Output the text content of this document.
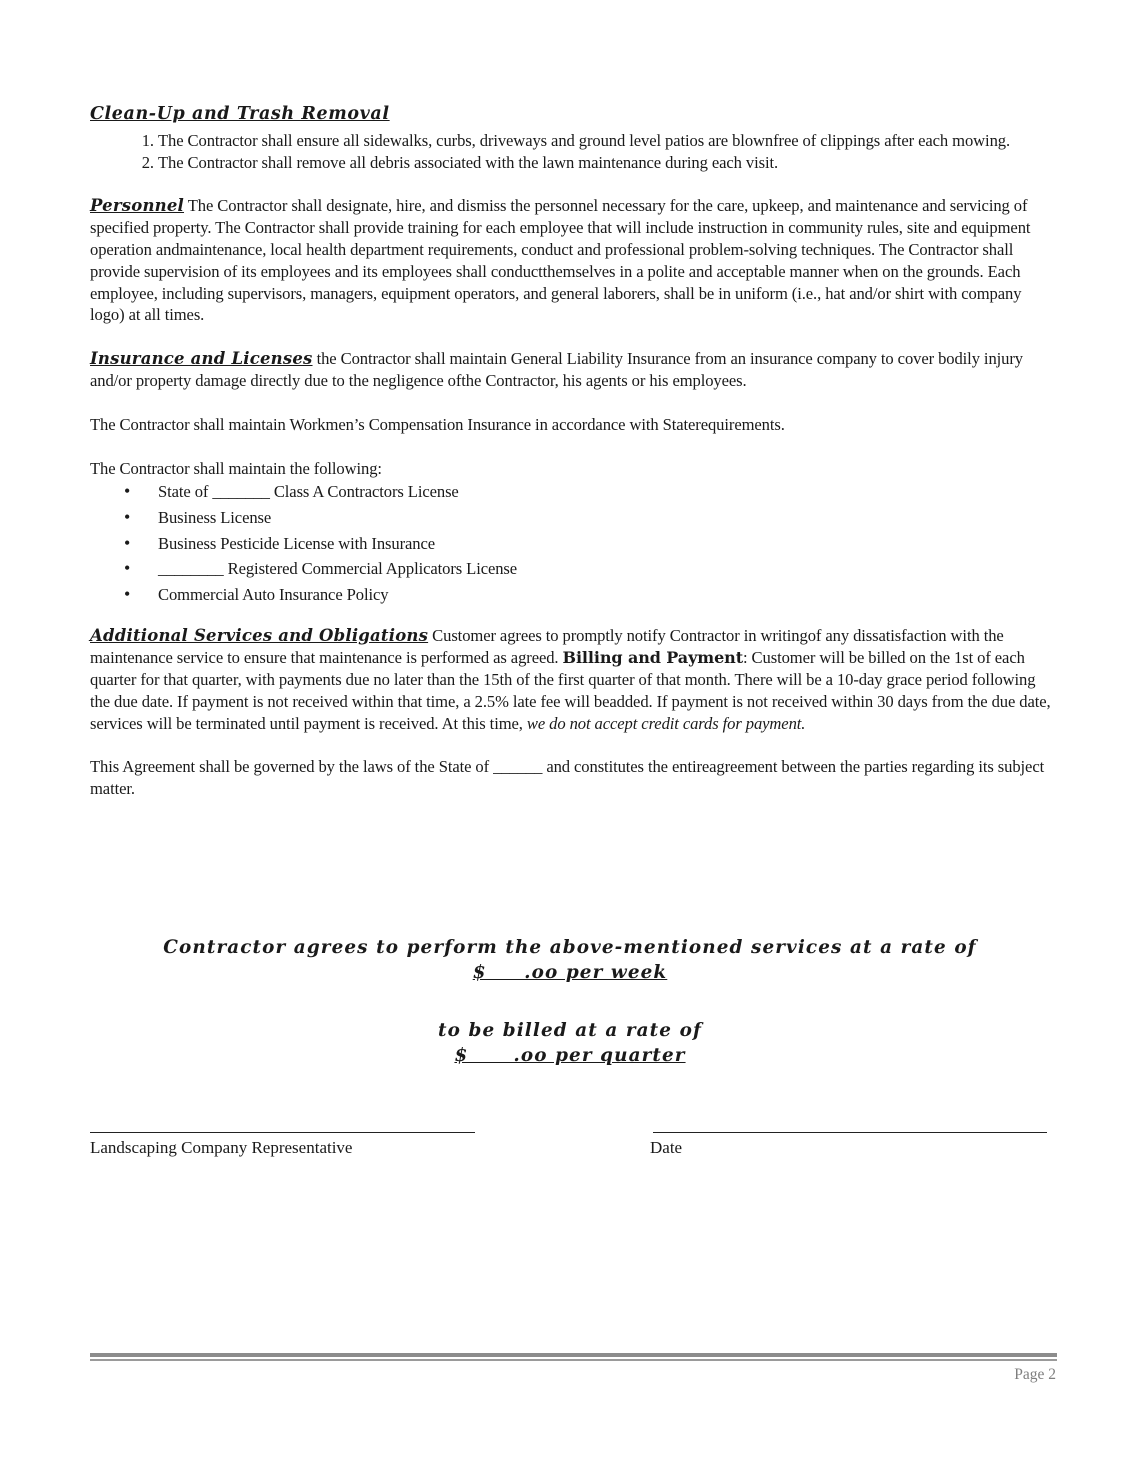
Clean-Up and Trash Removal
1. The Contractor shall ensure all sidewalks, curbs, driveways and ground level patios are blownfree of clippings after each mowing.
2. The Contractor shall remove all debris associated with the lawn maintenance during each visit.

Personnel The Contractor shall designate, hire, and dismiss the personnel necessary for the care, upkeep, and maintenance and servicing of specified property. The Contractor shall provide training for each employee that will include instruction in community rules, site and equipment operation andmaintenance, local health department requirements, conduct and professional problem-solving techniques. The Contractor shall provide supervision of its employees and its employees shall conductthemselves in a polite and acceptable manner when on the grounds. Each employee, including supervisors, managers, equipment operators, and general laborers, shall be in uniform (i.e., hat and/or shirt with company logo) at all times.

Insurance and Licenses the Contractor shall maintain General Liability Insurance from an insurance company to cover bodily injury and/or property damage directly due to the negligence ofthe Contractor, his agents or his employees.

The Contractor shall maintain Workmen’s Compensation Insurance in accordance with Staterequirements.

The Contractor shall maintain the following:

• State of _______ Class A Contractors License
• Business License
• Business Pesticide License with Insurance
• ________ Registered Commercial Applicators License
• Commercial Auto Insurance Policy

Additional Services and Obligations Customer agrees to promptly notify Contractor in writingof any dissatisfaction with the maintenance service to ensure that maintenance is performed as agreed. Billing and Payment: Customer will be billed on the 1st of each quarter for that quarter, with payments due no later than the 15th of the first quarter of that month. There will be a 10-day grace period following the due date. If payment is not received within that time, a 2.5% late fee will beadded. If payment is not received within 30 days from the due date, services will be terminated until payment is received. At this time, we do not accept credit cards for payment.

This Agreement shall be governed by the laws of the State of ______ and constitutes the entireagreement between the parties regarding its subject matter.

Contractor agrees to perform the above-mentioned services at a rate of
$     .oo per week
to be billed at a rate of
$      .oo per quarter
Landscaping Company Representative	Date
Page 2
